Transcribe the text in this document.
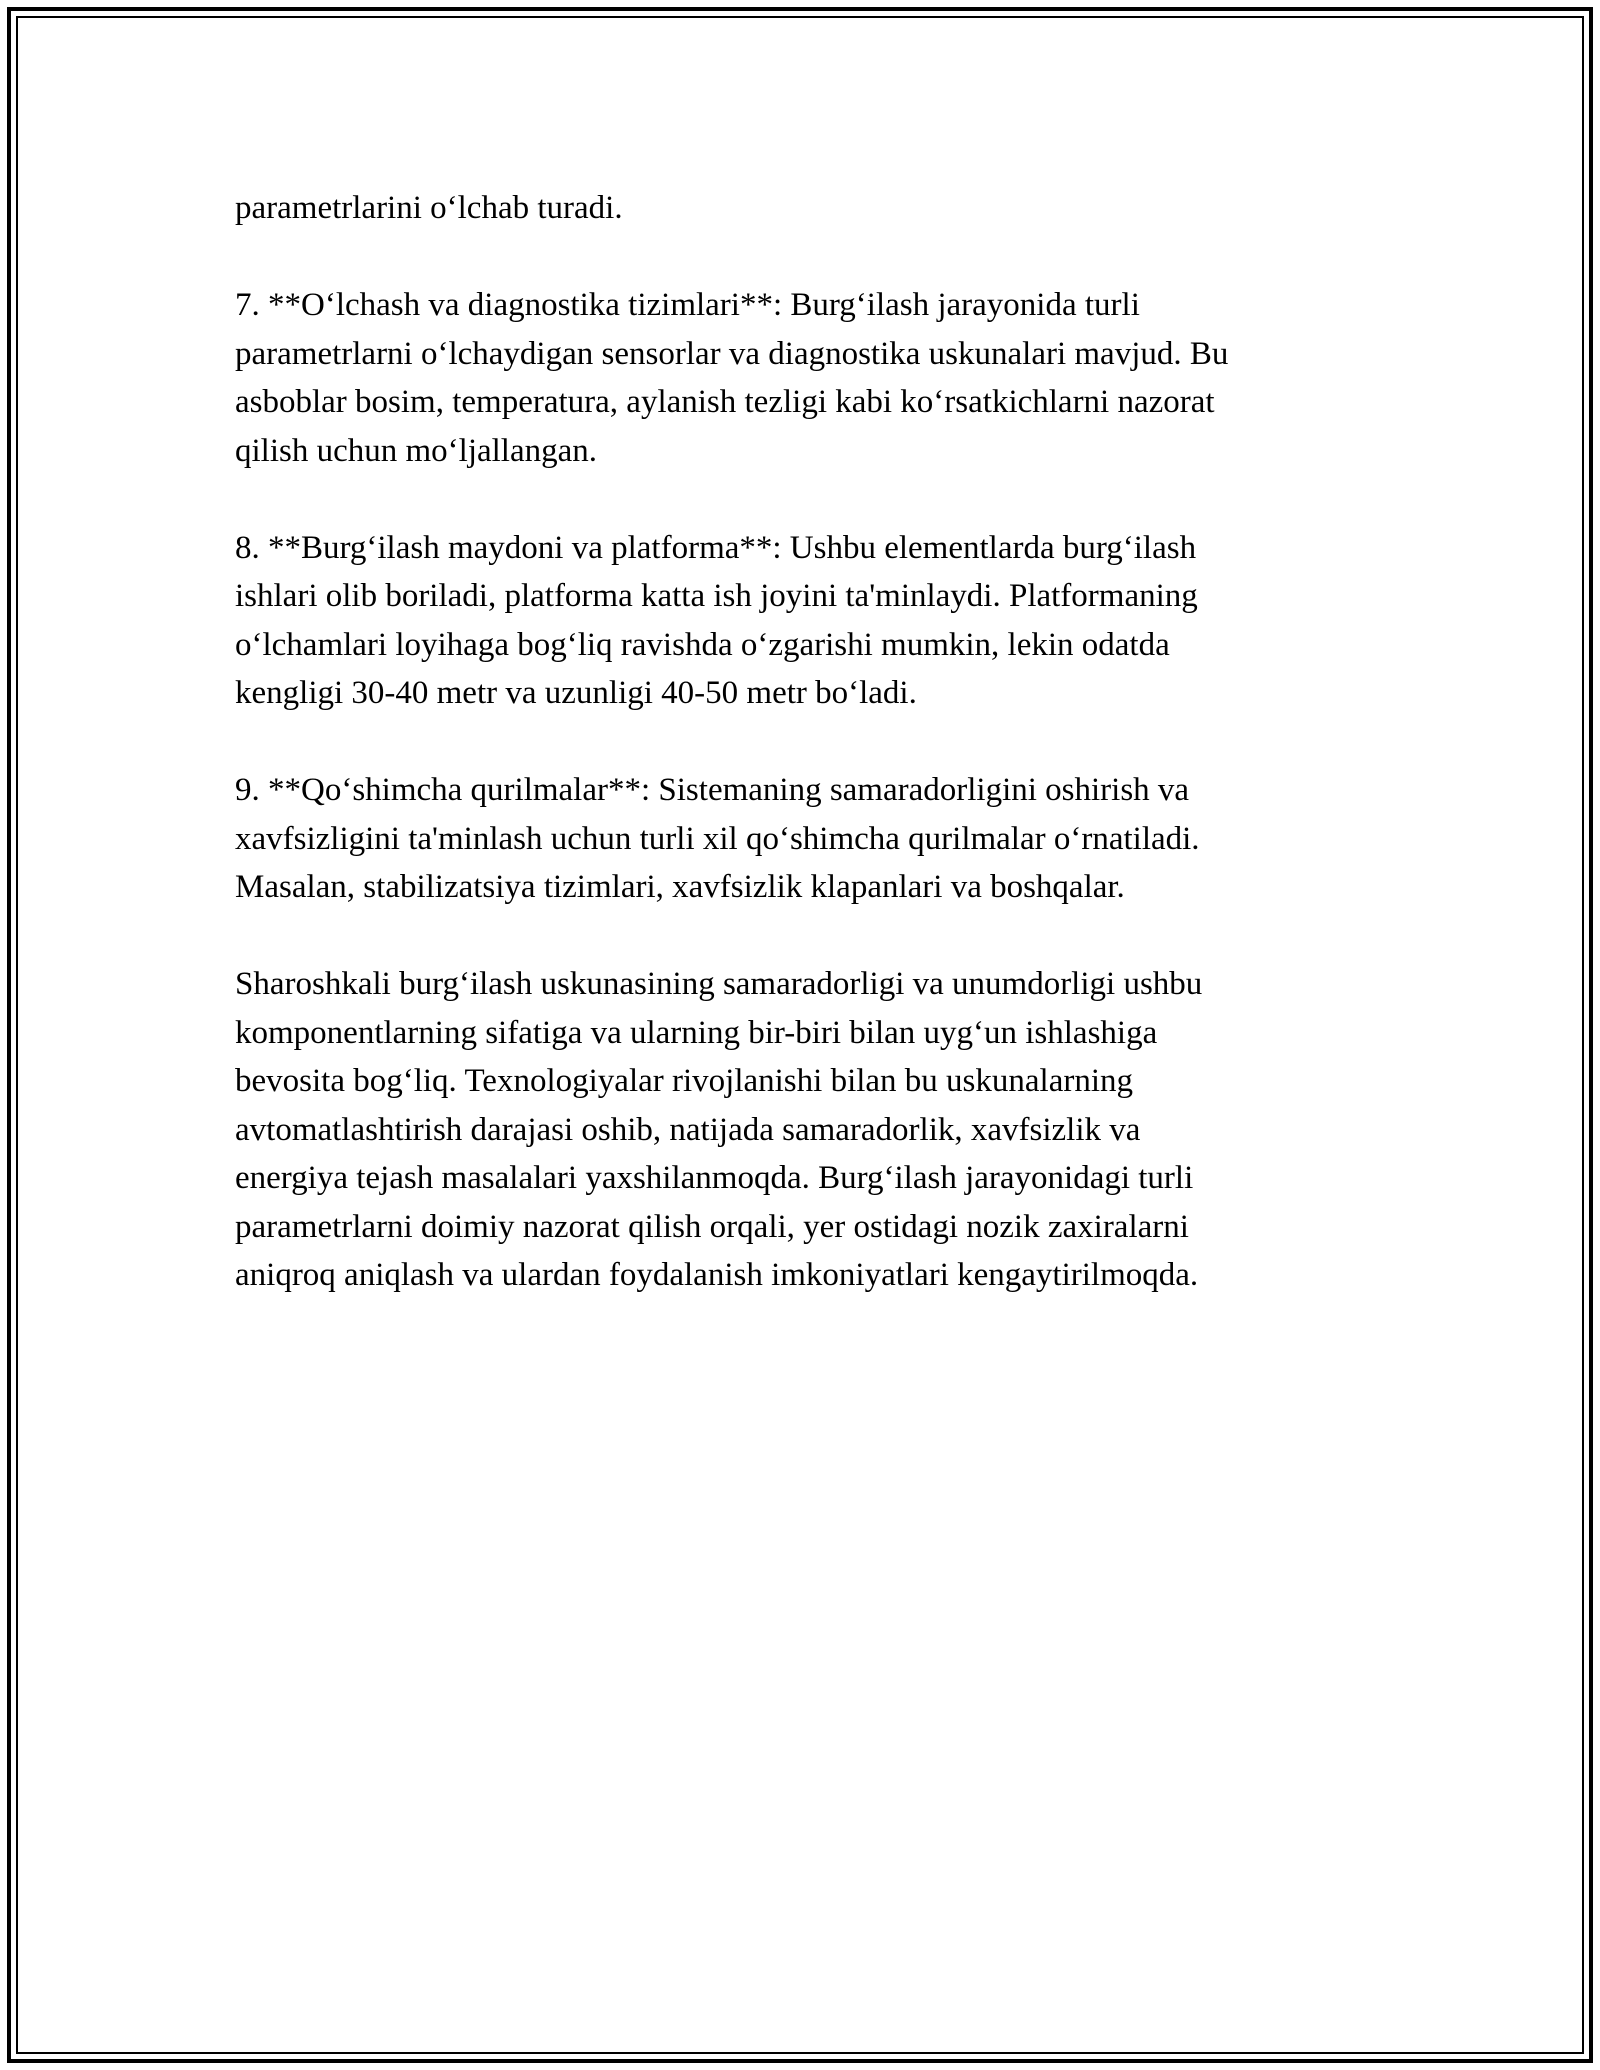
parametrlarini o‘lchab turadi.

7. **O‘lchash va diagnostika tizimlari**: Burg‘ilash jarayonida turli
parametrlarni o‘lchaydigan sensorlar va diagnostika uskunalari mavjud. Bu
asboblar bosim, temperatura, aylanish tezligi kabi ko‘rsatkichlarni nazorat
qilish uchun mo‘ljallangan.

8. **Burg‘ilash maydoni va platforma**: Ushbu elementlarda burg‘ilash
ishlari olib boriladi, platforma katta ish joyini ta'minlaydi. Platformaning
o‘lchamlari loyihaga bog‘liq ravishda o‘zgarishi mumkin, lekin odatda
kengligi 30-40 metr va uzunligi 40-50 metr bo‘ladi.

9. **Qo‘shimcha qurilmalar**: Sistemaning samaradorligini oshirish va
xavfsizligini ta'minlash uchun turli xil qo‘shimcha qurilmalar o‘rnatiladi.
Masalan, stabilizatsiya tizimlari, xavfsizlik klapanlari va boshqalar.

Sharoshkali burg‘ilash uskunasining samaradorligi va unumdorligi ushbu
komponentlarning sifatiga va ularning bir-biri bilan uyg‘un ishlashiga
bevosita bog‘liq. Texnologiyalar rivojlanishi bilan bu uskunalarning
avtomatlashtirish darajasi oshib, natijada samaradorlik, xavfsizlik va
energiya tejash masalalari yaxshilanmoqda. Burg‘ilash jarayonidagi turli
parametrlarni doimiy nazorat qilish orqali, yer ostidagi nozik zaxiralarni
aniqroq aniqlash va ulardan foydalanish imkoniyatlari kengaytirilmoqda.
